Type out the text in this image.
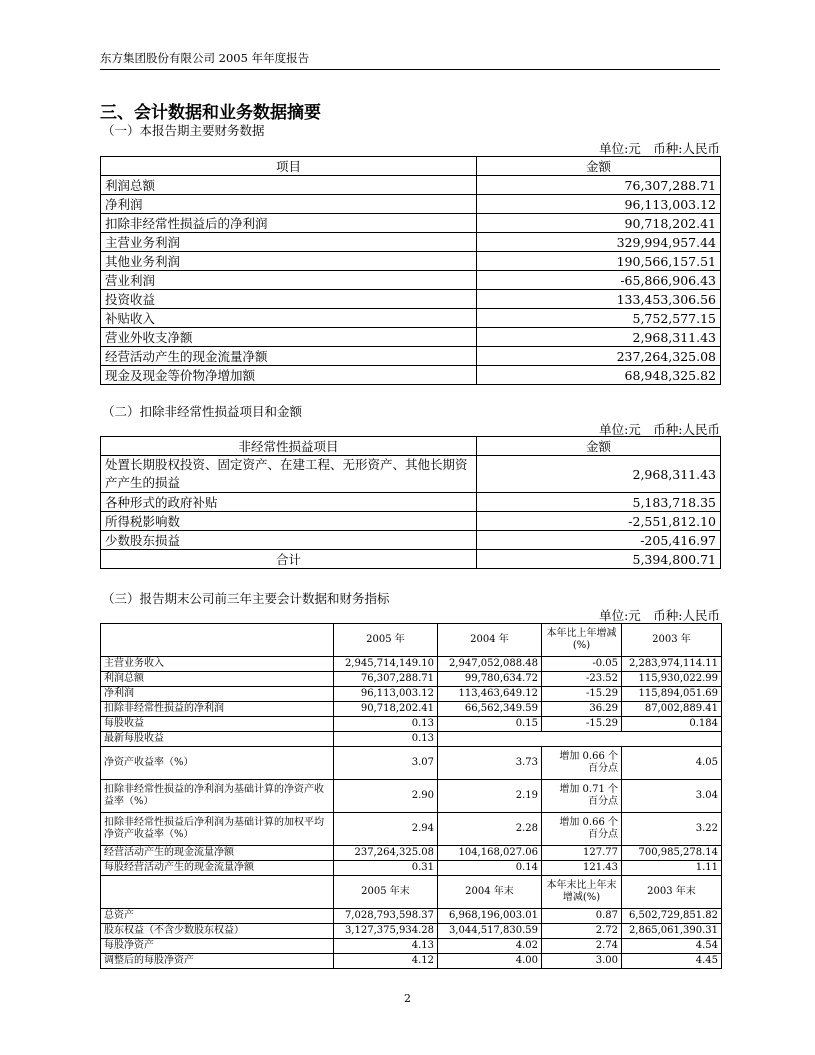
东方集团股份有限公司 2005 年年度报告
三、会计数据和业务数据摘要
（一）本报告期主要财务数据
单位:元　币种:人民币
项目	金额
利润总额	76,307,288.71
净利润	96,113,003.12
扣除非经常性损益后的净利润	90,718,202.41
主营业务利润	329,994,957.44
其他业务利润	190,566,157.51
营业利润	-65,866,906.43
投资收益	133,453,306.56
补贴收入	5,752,577.15
营业外收支净额	2,968,311.43
经营活动产生的现金流量净额	237,264,325.08
现金及现金等价物净增加额	68,948,325.82
（二）扣除非经常性损益项目和金额
单位:元　币种:人民币
非经常性损益项目	金额
处置长期股权投资、固定资产、在建工程、无形资产、其他长期资产产生的损益	2,968,311.43
各种形式的政府补贴	5,183,718.35
所得税影响数	-2,551,812.10
少数股东损益	-205,416.97
合计	5,394,800.71
（三）报告期末公司前三年主要会计数据和财务指标
单位:元　币种:人民币
	2005 年	2004 年	本年比上年增减(%)	2003 年
主营业务收入	2,945,714,149.10	2,947,052,088.48	-0.05	2,283,974,114.11
利润总额	76,307,288.71	99,780,634.72	-23.52	115,930,022.99
净利润	96,113,003.12	113,463,649.12	-15.29	115,894,051.69
扣除非经常性损益的净利润	90,718,202.41	66,562,349.59	36.29	87,002,889.41
每股收益	0.13	0.15	-15.29	0.184
最新每股收益	0.13			
净资产收益率（%）	3.07	3.73	增加 0.66 个百分点	4.05
扣除非经常性损益的净利润为基础计算的净资产收益率（%）	2.90	2.19	增加 0.71 个百分点	3.04
扣除非经常性损益后净利润为基础计算的加权平均净资产收益率（%）	2.94	2.28	增加 0.66 个百分点	3.22
经营活动产生的现金流量净额	237,264,325.08	104,168,027.06	127.77	700,985,278.14
每股经营活动产生的现金流量净额	0.31	0.14	121.43	1.11
	2005 年末	2004 年末	本年末比上年末增减(%)	2003 年末
总资产	7,028,793,598.37	6,968,196,003.01	0.87	6,502,729,851.82
股东权益（不含少数股东权益）	3,127,375,934.28	3,044,517,830.59	2.72	2,865,061,390.31
每股净资产	4.13	4.02	2.74	4.54
调整后的每股净资产	4.12	4.00	3.00	4.45
2
